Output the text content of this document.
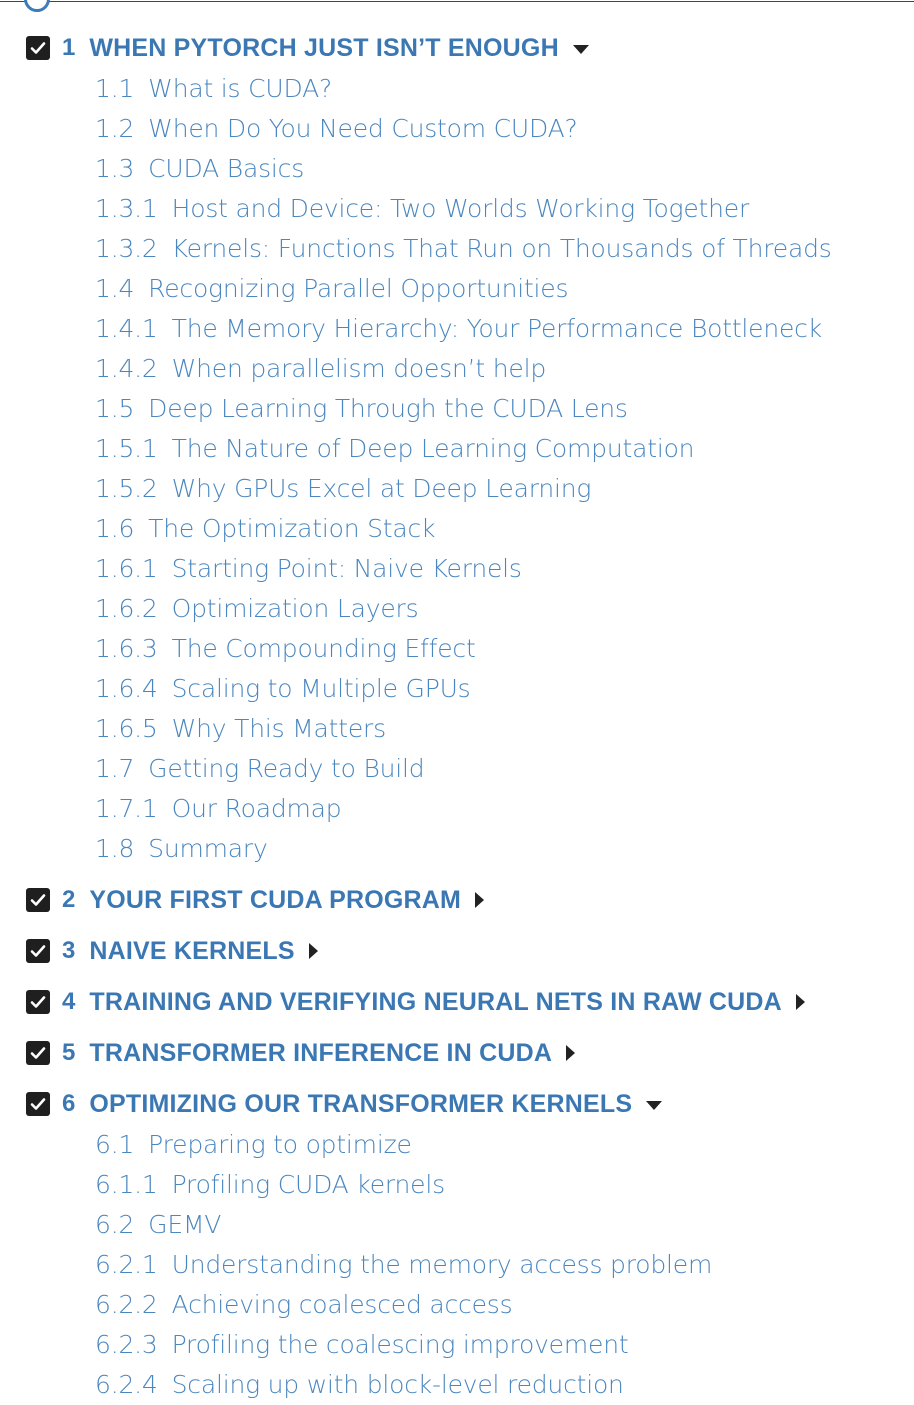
1 WHEN PYTORCH JUST ISN’T ENOUGH
1.1 What is CUDA?
1.2 When Do You Need Custom CUDA?
1.3 CUDA Basics
1.3.1 Host and Device: Two Worlds Working Together
1.3.2 Kernels: Functions That Run on Thousands of Threads
1.4 Recognizing Parallel Opportunities
1.4.1 The Memory Hierarchy: Your Performance Bottleneck
1.4.2 When parallelism doesn’t help
1.5 Deep Learning Through the CUDA Lens
1.5.1 The Nature of Deep Learning Computation
1.5.2 Why GPUs Excel at Deep Learning
1.6 The Optimization Stack
1.6.1 Starting Point: Naive Kernels
1.6.2 Optimization Layers
1.6.3 The Compounding Effect
1.6.4 Scaling to Multiple GPUs
1.6.5 Why This Matters
1.7 Getting Ready to Build
1.7.1 Our Roadmap
1.8 Summary
2 YOUR FIRST CUDA PROGRAM
3 NAIVE KERNELS
4 TRAINING AND VERIFYING NEURAL NETS IN RAW CUDA
5 TRANSFORMER INFERENCE IN CUDA
6 OPTIMIZING OUR TRANSFORMER KERNELS
6.1 Preparing to optimize
6.1.1 Profiling CUDA kernels
6.2 GEMV
6.2.1 Understanding the memory access problem
6.2.2 Achieving coalesced access
6.2.3 Profiling the coalescing improvement
6.2.4 Scaling up with block-level reduction
